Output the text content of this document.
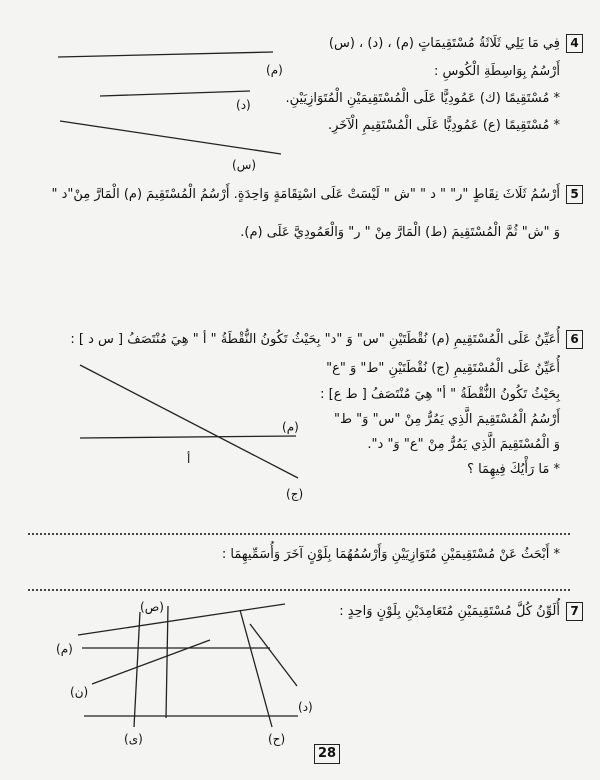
4
فِي مَا يَلِي ثَلَاثَةُ مُسْتَقِيمَاتٍ (م) ، (د) ، (س)
أَرْسُمُ بِوَاسِطَةِ الْكُوسِ :
* مُسْتَقِيمًا (ك) عَمُودِيًّا عَلَى الْمُسْتَقِيمَيْنِ الْمُتَوَازِيَيْنِ.
* مُسْتَقِيمًا (ع) عَمُودِيًّا عَلَى الْمُسْتَقِيمِ الْآخَرِ.
(م)
(د)
(س)
5
أَرْسُمُ ثَلَاثَ نِقَاطٍ "ر" " د " "ش " لَيْسَتْ عَلَى اسْتِقَامَةٍ وَاحِدَةٍ. أَرْسُمُ الْمُسْتَقِيمَ (م) الْمَارَّ مِنْ"د "
وَ "ش" ثُمَّ الْمُسْتَقِيمَ (ط) الْمَارَّ مِنْ " ر" وَالْعَمُودِيَّ عَلَى (م).
6
أُعَيِّنُ عَلَى الْمُسْتَقِيمِ (م) نُقْطَتَيْنِ "س" وَ "د" بِحَيْثُ تَكُونُ النُّقْطَةُ " أ " هِيَ مُنْتَصَفُ [ س د ] :
أُعَيِّنُ عَلَى الْمُسْتَقِيمِ (ج) نُقْطَتَيْنِ "ط" وَ "ع"
بِحَيْثُ تَكُونُ النُّقْطَةُ " أ" هِيَ مُنْتَصَفُ [ ط ع] :
أَرْسُمُ الْمُسْتَقِيمَ الَّذِي يَمُرُّ مِنْ "س" وَ" ط"
وَ الْمُسْتَقِيمَ الَّذِي يَمُرُّ مِنْ "ع" وَ" د".
* مَا رَأْيُكَ فِيهِمَا ؟
(م)
أ
(ج)
* أَبْحَثُ عَنْ مُسْتَقِيمَيْنِ مُتَوَازِيَيْنِ وَأَرْسُمُهُمَا بِلَوْنٍ آخَرَ وَأُسَمِّيهِمَا :
7
أُلَوِّنُ كُلَّ مُسْتَقِيمَيْنِ مُتَعَامِدَيْنِ بِلَوْنٍ وَاحِدٍ :
(ص)
(م)
(ن)
(ى)	(ح)
(د)
28
